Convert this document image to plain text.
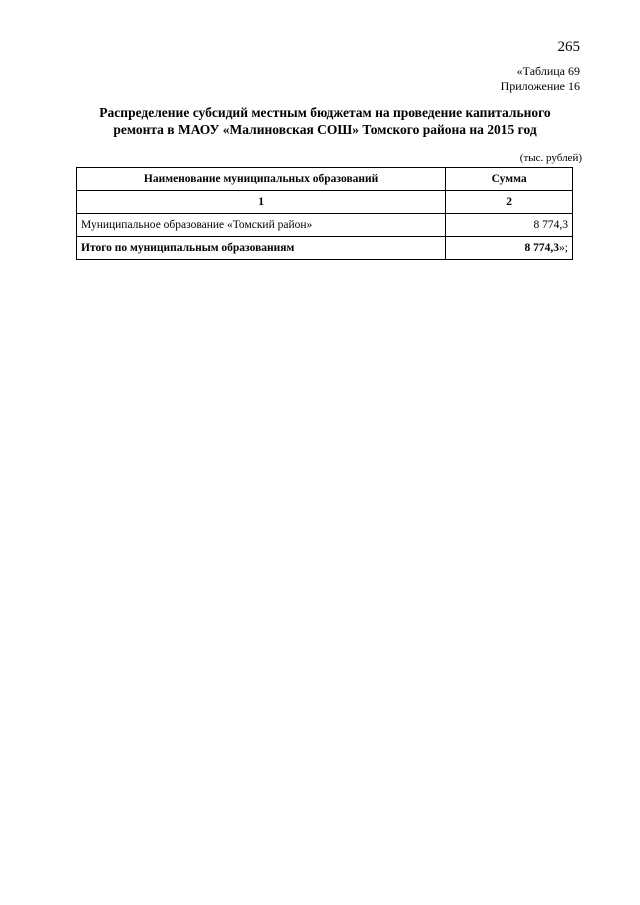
265
«Таблица 69
Приложение 16
Распределение субсидий местным бюджетам на проведение капитального
ремонта в МАОУ «Малиновская СОШ» Томского района на 2015 год
(тыс. рублей)
Наименование муниципальных образований	Сумма
1	2
Муниципальное образование «Томский район»	8 774,3
Итого по муниципальным образованиям	8 774,3»;
